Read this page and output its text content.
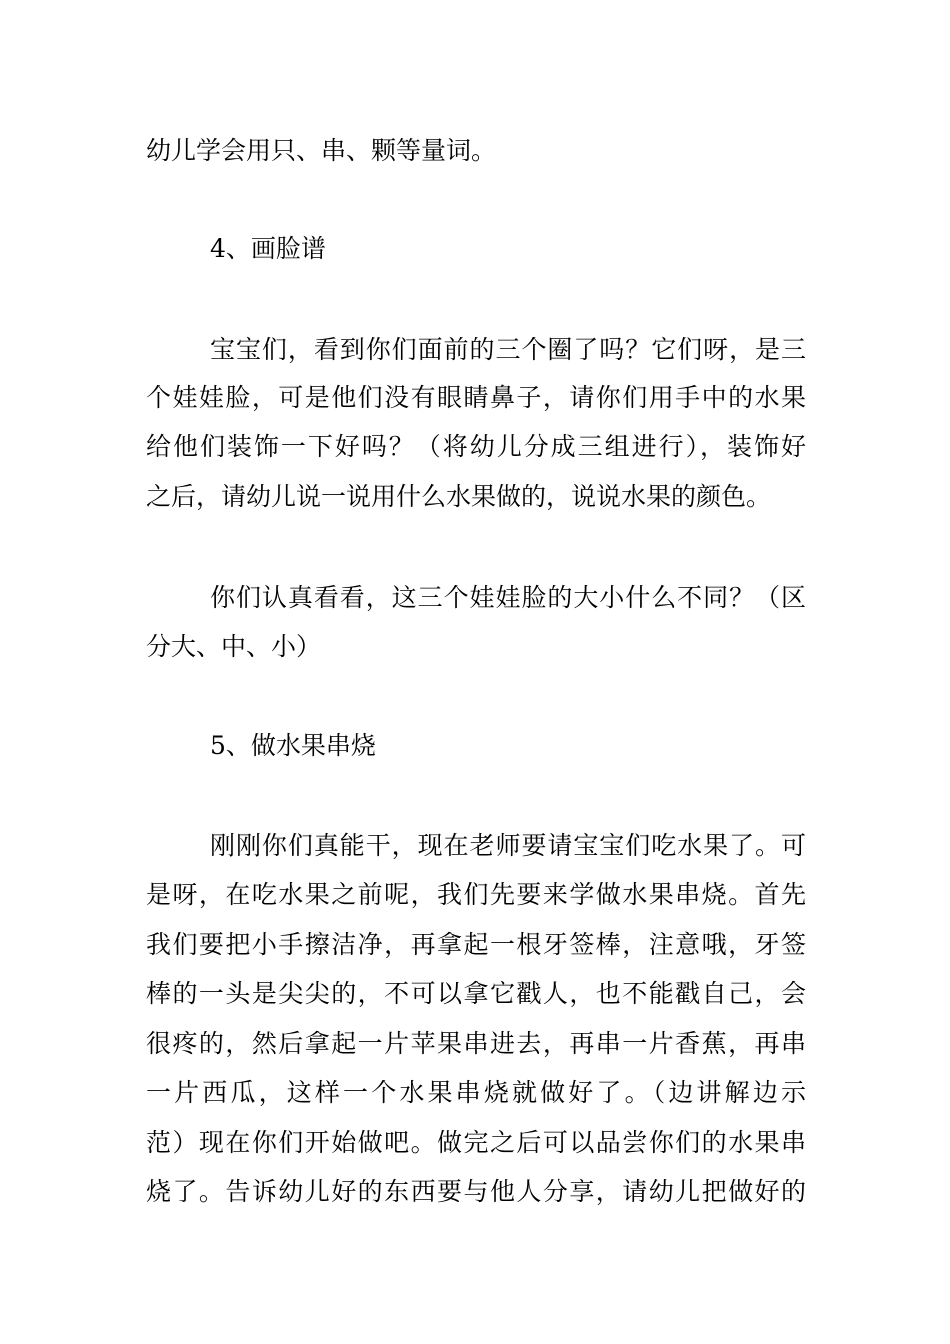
幼儿学会用只、串、颗等量词。
4、画脸谱
宝宝们，看到你们面前的三个圈了吗？它们呀，是三
个娃娃脸，可是他们没有眼睛鼻子，请你们用手中的水果
给他们装饰一下好吗？（将幼儿分成三组进行），装饰好
之后，请幼儿说一说用什么水果做的，说说水果的颜色。
你们认真看看，这三个娃娃脸的大小什么不同？（区
分大、中、小）
5、做水果串烧
刚刚你们真能干，现在老师要请宝宝们吃水果了。可
是呀，在吃水果之前呢，我们先要来学做水果串烧。首先
我们要把小手擦洁净，再拿起一根牙签棒，注意哦，牙签
棒的一头是尖尖的，不可以拿它戳人，也不能戳自己，会
很疼的，然后拿起一片苹果串进去，再串一片香蕉，再串
一片西瓜，这样一个水果串烧就做好了。（边讲解边示
范）现在你们开始做吧。做完之后可以品尝你们的水果串
烧了。告诉幼儿好的东西要与他人分享，请幼儿把做好的
